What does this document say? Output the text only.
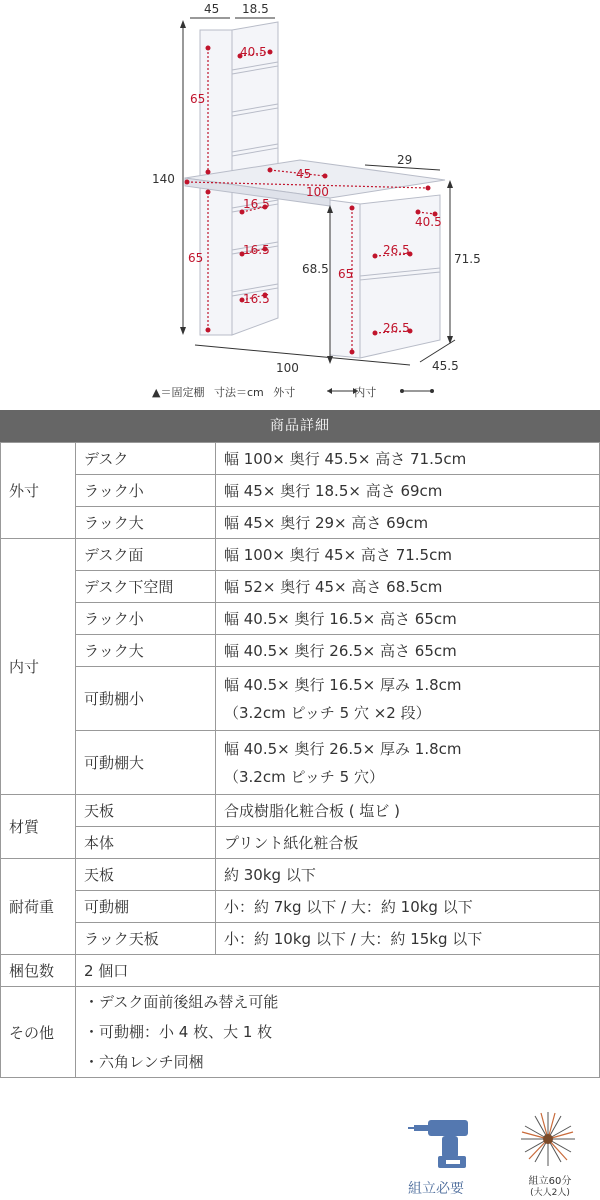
45 18.5
140
65
40.5
45
29
100
16.5
16.5
16.5
65
40.5
26.5
26.5
68.5 65
71.5
100	45.5
▲＝固定棚 寸法＝cm 外寸	内寸
商品詳細
外寸	デスク	幅 100× 奥行 45.5× 高さ 71.5cm
	ラック小	幅 45× 奥行 18.5× 高さ 69cm
	ラック大	幅 45× 奥行 29× 高さ 69cm
内寸	デスク面	幅 100× 奥行 45× 高さ 71.5cm
	デスク下空間	幅 52× 奥行 45× 高さ 68.5cm
	ラック小	幅 40.5× 奥行 16.5× 高さ 65cm
	ラック大	幅 40.5× 奥行 26.5× 高さ 65cm
	可動棚小	幅 40.5× 奥行 16.5× 厚み 1.8cm
（3.2cm ピッチ 5 穴 ×2 段）

	可動棚大	幅 40.5× 奥行 26.5× 厚み 1.8cm
（3.2cm ピッチ 5 穴）

材質	天板	合成樹脂化粧合板 ( 塩ビ )
	本体	プリント紙化粧合板
耐荷重	天板	約 30kg 以下
	可動棚	小：約 7kg 以下 / 大：約 10kg 以下
	ラック天板	小：約 10kg 以下 / 大：約 15kg 以下
梱包数	2 個口	
その他	・デスク面前後組み替え可能
・可動棚：小 4 枚、大 1 枚
・六角レンチ同梱	
組立必要	組立60分
(大人2人)
